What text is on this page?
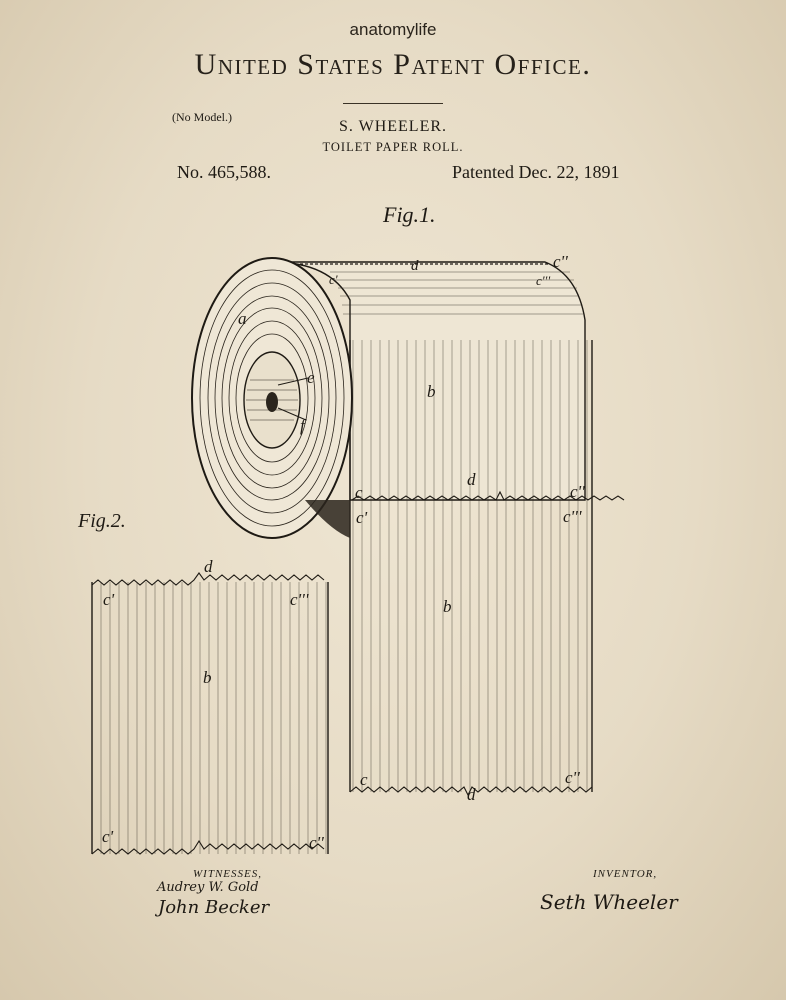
anatomylife
United States Patent Office.
(No Model.)
S. WHEELER.
TOILET PAPER ROLL.
No. 465,588.	Patented Dec. 22, 1891
Fig.1.
Fig.2.
a
b
b
c'
d	c''
c'''
e
f
d
c
c'
c''
c'''
c
d
c''
d
c'	c'''
b
c'	c''
WITNESSES,	INVENTOR,
Audrey W. Gold
John Becker	Seth Wheeler
